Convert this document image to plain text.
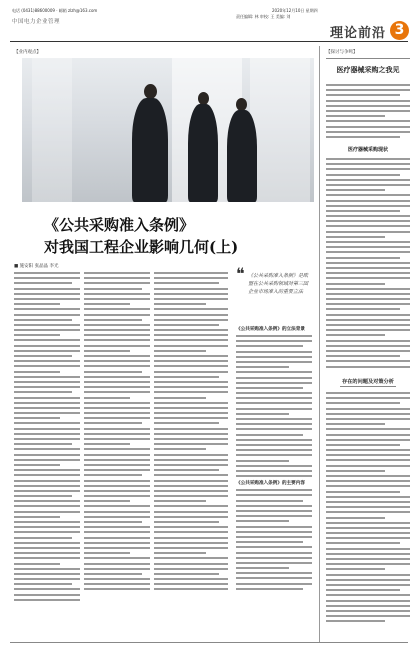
电话 (0431)88600009 · 邮箱 zlzh@163.com
中国电力企业管理
2020年12月10日 星期四
责任编辑: 林 审校: 王 美编: 刘
理论前沿 3
【业内观点】
《公共采购准入条例》
对我国工程企业影响几何(上)
■ 施安阳 张晶晶 李光	❝ 《公共采购准入条例》是欧盟在公共采购领域对第三国企业市场准入的重要立法
《公共采购准入条例》的立法背景
《公共采购准入条例》的主要内容
【探讨与争鸣】
医疗器械采购之我见
医疗器械采购现状
存在的问题及对策分析
